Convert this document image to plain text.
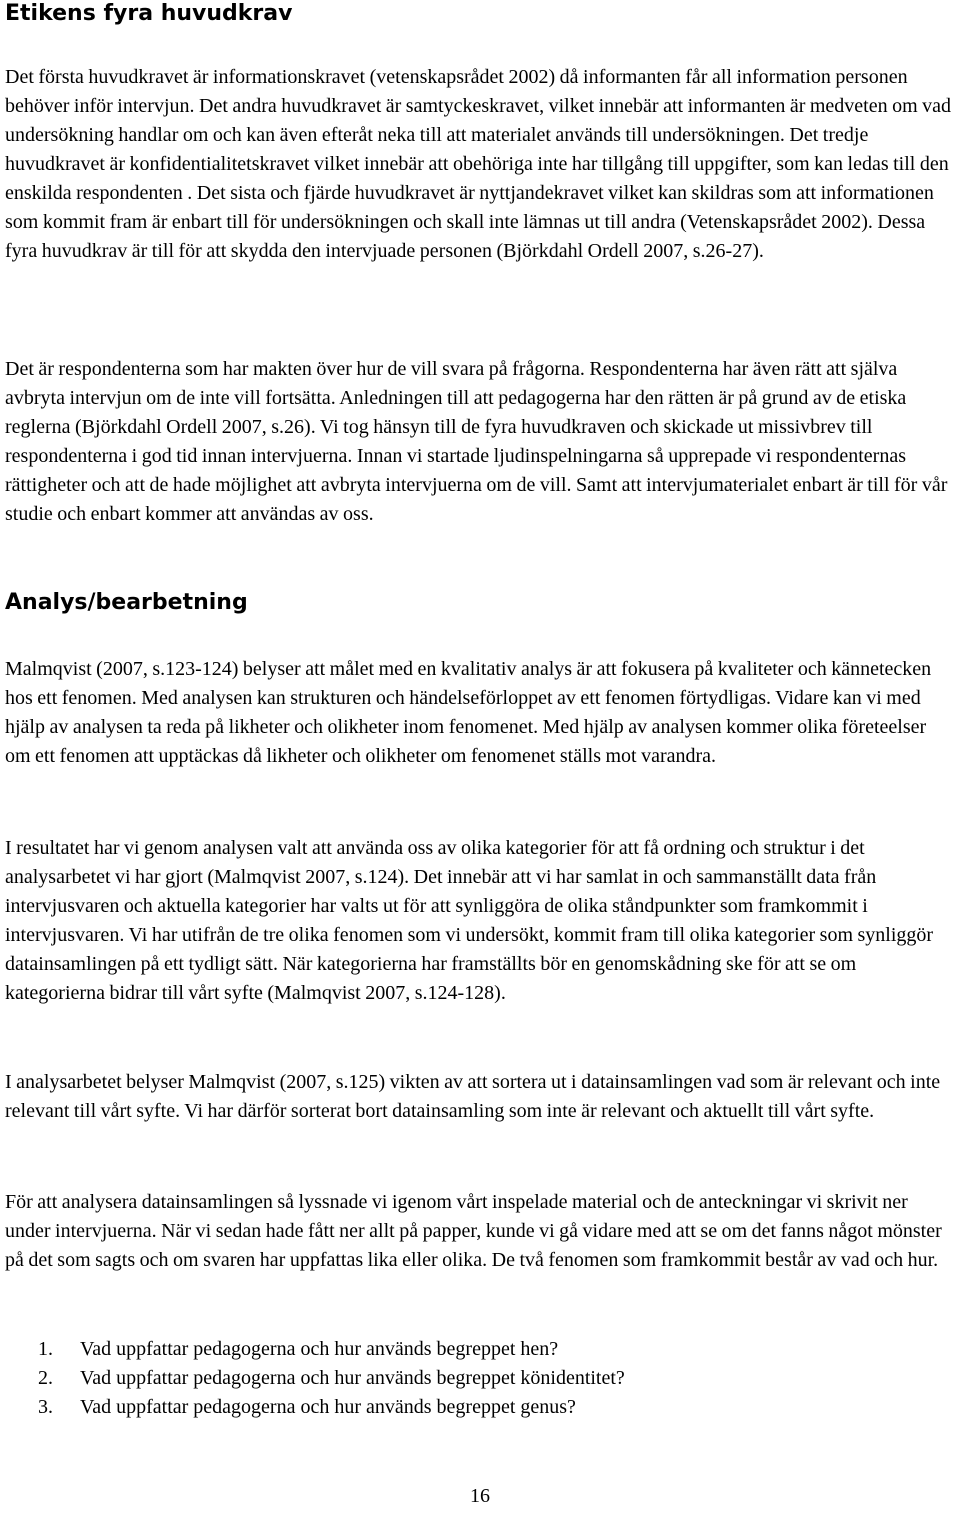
Etikens fyra huvudkrav

Det första huvudkravet är informationskravet (vetenskapsrådet 2002) då informanten får all information personen behöver inför intervjun. Det andra huvudkravet är samtyckeskravet, vilket innebär att informanten är medveten om vad undersökning handlar om och kan även efteråt neka till att materialet används till undersökningen. Det tredje huvudkravet är konfidentialitetskravet vilket innebär att obehöriga inte har tillgång till uppgifter, som kan ledas till den enskilda respondenten . Det sista och fjärde huvudkravet är nyttjandekravet vilket kan skildras som att informationen som kommit fram är enbart till för undersökningen och skall inte lämnas ut till andra (Vetenskapsrådet 2002). Dessa fyra huvudkrav är till för att skydda den intervjuade personen (Björkdahl Ordell 2007, s.26-27).

Det är respondenterna som har makten över hur de vill svara på frågorna. Respondenterna har även rätt att själva avbryta intervjun om de inte vill fortsätta. Anledningen till att pedagogerna har den rätten är på grund av de etiska reglerna (Björkdahl Ordell 2007, s.26). Vi tog hänsyn till de fyra huvudkraven och skickade ut missivbrev till respondenterna i god tid innan intervjuerna. Innan vi startade ljudinspelningarna så upprepade vi respondenternas rättigheter och att de hade möjlighet att avbryta intervjuerna om de vill. Samt att intervjumaterialet enbart är till för vår studie och enbart kommer att användas av oss.

Analys/bearbetning

Malmqvist (2007, s.123-124) belyser att målet med en kvalitativ analys är att fokusera på kvaliteter och kännetecken hos ett fenomen. Med analysen kan strukturen och händelseförloppet av ett fenomen förtydligas. Vidare kan vi med hjälp av analysen ta reda på likheter och olikheter inom fenomenet. Med hjälp av analysen kommer olika företeelser om ett fenomen att upptäckas då likheter och olikheter om fenomenet ställs mot varandra.

I resultatet har vi genom analysen valt att använda oss av olika kategorier för att få ordning och struktur i det analysarbetet vi har gjort (Malmqvist 2007, s.124). Det innebär att vi har samlat in och sammanställt data från intervjusvaren och aktuella kategorier har valts ut för att synliggöra de olika ståndpunkter som framkommit i intervjusvaren. Vi har utifrån de tre olika fenomen som vi undersökt, kommit fram till olika kategorier som synliggör datainsamlingen på ett tydligt sätt. När kategorierna har framställts bör en genomskådning ske för att se om kategorierna bidrar till vårt syfte (Malmqvist 2007, s.124-128).

I analysarbetet belyser Malmqvist (2007, s.125) vikten av att sortera ut i datainsamlingen vad som är relevant och inte relevant till vårt syfte. Vi har därför sorterat bort datainsamling som inte är relevant och aktuellt till vårt syfte.

För att analysera datainsamlingen så lyssnade vi igenom vårt inspelade material och de anteckningar vi skrivit ner under intervjuerna. När vi sedan hade fått ner allt på papper, kunde vi gå vidare med att se om det fanns något mönster på det som sagts och om svaren har uppfattas lika eller olika. De två fenomen som framkommit består av vad och hur.

1. Vad uppfattar pedagogerna och hur används begreppet hen?
2. Vad uppfattar pedagogerna och hur används begreppet könidentitet?
3. Vad uppfattar pedagogerna och hur används begreppet genus?
16
